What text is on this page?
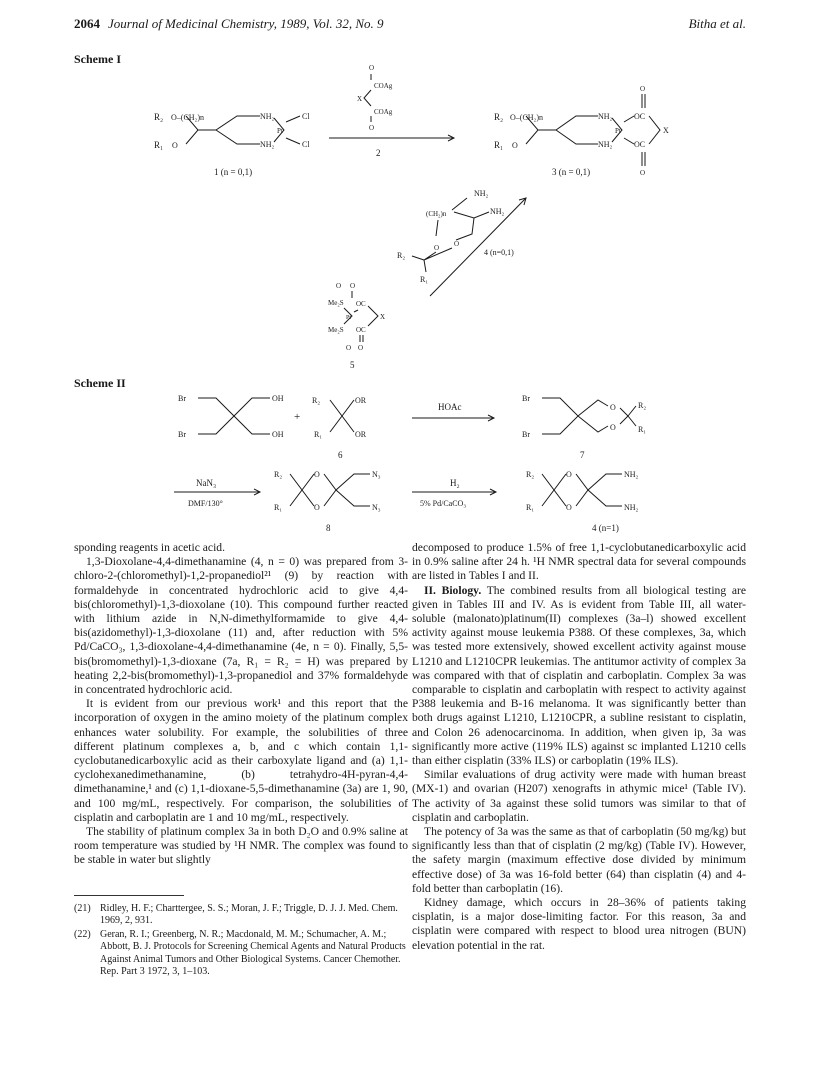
2064 Journal of Medicinal Chemistry, 1989, Vol. 32, No. 9	Bitha et al.
Scheme I
R₂
R₁
O–(CH₂)n
O
NH₂
NH₂
Pt
Cl
Cl
1 (n = 0,1)
O
COAg
X
COAg
O
2
R₂
R₁
O–(CH₂)n
O
NH₂
NH₂
Pt
OC
OC
X
O
O
3 (n = 0,1)
NH₂
(CH₂)n	NH₂
O O
R₂
R₁
4 (n=0,1)
O O
Me₂S OC
Pt	X
Me₂S OC
O O
5
Scheme II
Br
Br
OH
OH
+
R₂
R₁
OR
OR
6
HOAc
Br
Br
O
O
R₂
R₁
7
NaN₃
DMF/130°
R₂
R₁
O
O
N₃
N₃
8
H₂
5% Pd/CaCO₃
R₂
R₁
O
O
NH₂
NH₂
4 (n=1)

sponding reagents in acetic acid.

1,3-Dioxolane-4,4-dimethanamine (4, n = 0) was prepared from 3-chloro-2-(chloromethyl)-1,2-propanediol²¹ (9) by reaction with formaldehyde in concentrated hydrochloric acid to give 4,4-bis(chloromethyl)-1,3-dioxolane (10). This compound further reacted with lithium azide in N,N-dimethylformamide to give 4,4-bis(azidomethyl)-1,3-dioxolane (11) and, after reduction with 5% Pd/CaCO₃, 1,3-dioxolane-4,4-dimethanamine (4e, n = 0). Finally, 5,5-bis(bromomethyl)-1,3-dioxane (7a, R₁ = R₂ = H) was prepared by heating 2,2-bis(bromomethyl)-1,3-propanediol and 37% formaldehyde in concentrated hydrochloric acid.

It is evident from our previous work¹ and this report that the incorporation of oxygen in the amino moiety of the platinum complex enhances water solubility. For example, the solubilities of three different platinum complexes a, b, and c which contain 1,1-cyclobutanedicarboxylic acid as their carboxylate ligand and (a) 1,1-cyclohexanedimethanamine, (b) tetrahydro-4H-pyran-4,4-dimethanamine,¹ and (c) 1,1-dioxane-5,5-dimethanamine (3a) are 1, 90, and 100 mg/mL, respectively. For comparison, the solubilities of cisplatin and carboplatin are 1 and 10 mg/mL, respectively.

The stability of platinum complex 3a in both D₂O and 0.9% saline at room temperature was studied by ¹H NMR. The complex was found to be stable in water but slightly

(21) Ridley, H. F.; Charttergee, S. S.; Moran, J. F.; Triggle, D. J. J. Med. Chem. 1969, 2, 931.
(22) Geran, R. I.; Greenberg, N. R.; Macdonald, M. M.; Schumacher, A. M.; Abbott, B. J. Protocols for Screening Chemical Agents and Natural Products Against Animal Tumors and Other Biological Systems. Cancer Chemother. Rep. Part 3 1972, 3, 1–103.

decomposed to produce 1.5% of free 1,1-cyclobutanedicarboxylic acid in 0.9% saline after 24 h. ¹H NMR spectral data for several compounds are listed in Tables I and II.

II. Biology. The combined results from all biological testing are given in Tables III and IV. As is evident from Table III, all water-soluble (malonato)platinum(II) complexes (3a–l) showed excellent activity against mouse leukemia P388. Of these complexes, 3a, which was tested more extensively, showed excellent activity against mouse L1210 and L1210CPR leukemias. The antitumor activity of complex 3a was compared with that of cisplatin and carboplatin. Complex 3a was comparable to cisplatin and carboplatin with respect to activity against P388 leukemia and B-16 melanoma. It was significantly better than both drugs against L1210, L1210CPR, a subline resistant to cisplatin, and Colon 26 adenocarcinoma. In addition, when given ip, 3a was significantly more active (119% ILS) against sc implanted L1210 cells than either cisplatin (33% ILS) or carboplatin (19% ILS).

Similar evaluations of drug activity were made with human breast (MX-1) and ovarian (H207) xenografts in athymic mice¹ (Table IV). The activity of 3a against these solid tumors was similar to that of cisplatin and carboplatin.

The potency of 3a was the same as that of carboplatin (50 mg/kg) but significantly less than that of cisplatin (2 mg/kg) (Table IV). However, the safety margin (maximum effective dose divided by minimum effective dose) of 3a was 16-fold better (64) than cisplatin (4) and 4-fold better than carboplatin (16).

Kidney damage, which occurs in 28–36% of patients taking cisplatin, is a major dose-limiting factor. For this reason, 3a and cisplatin were compared with respect to blood urea nitrogen (BUN) elevation potential in the rat.
